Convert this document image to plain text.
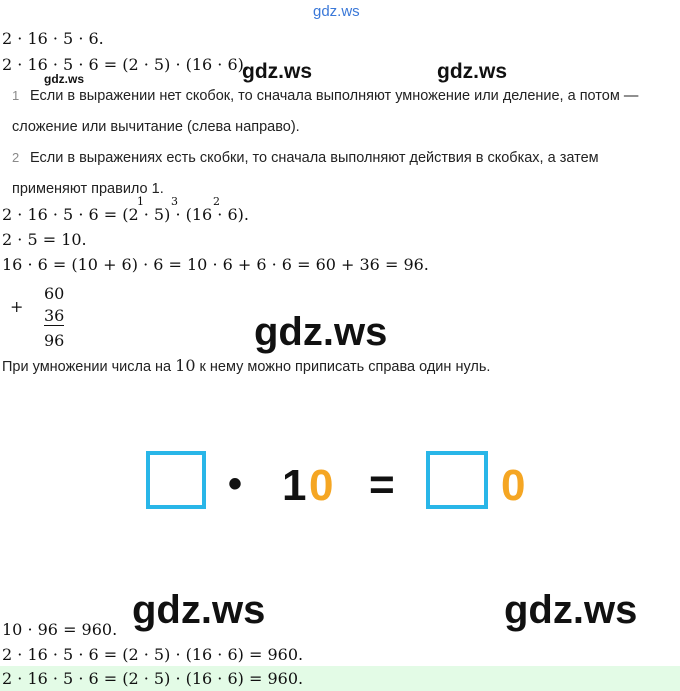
gdz.ws
2 · 16 · 5 · 6.
2 · 16 · 5 · 6 = (2 · 5) · (16 · 6).
gdz.ws	gdz.ws	gdz.ws
1 Если в выражении нет скобок, то сначала выполняют умножение или деление, а потом — сложение или вычитание (слева направо).
2 Если в выражениях есть скобки, то сначала выполняют действия в скобках, а затем применяют правило 1.
2 · 16 · 5 · 6 = (2 · 5) · (16 · 6).
1 3	2
2 · 5 = 10.
16 · 6 = (10 + 6) · 6 = 10 · 6 + 6 · 6 = 60 + 36 = 96.
+
60
36
96	gdz.ws
При умножении числа на 10 к нему можно приписать справа один нуль.
• 1 0 = 0
gdz.ws	gdz.ws
10 · 96 = 960.
2 · 16 · 5 · 6 = (2 · 5) · (16 · 6) = 960.
2 · 16 · 5 · 6 = (2 · 5) · (16 · 6) = 960.
